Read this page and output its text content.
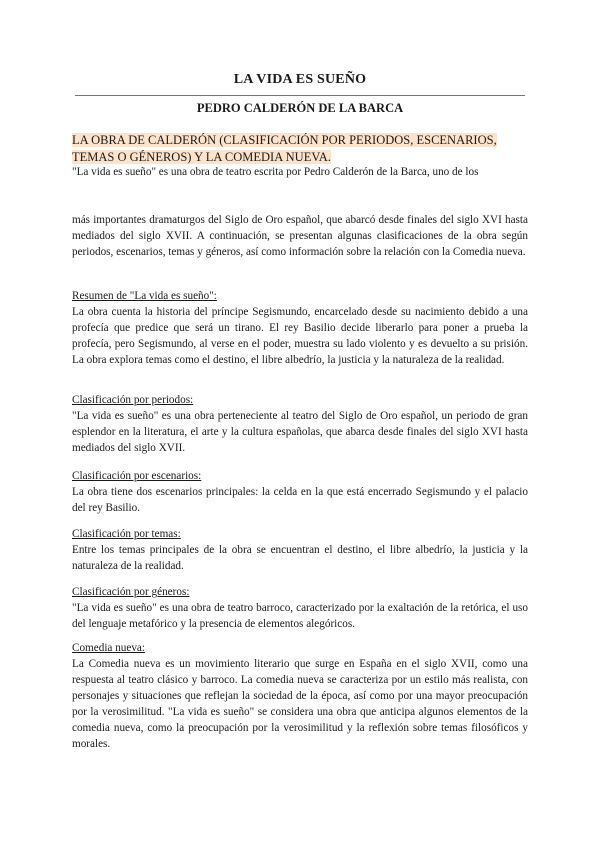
LA VIDA ES SUEÑO
PEDRO CALDERÓN DE LA BARCA
LA OBRA DE CALDERÓN (CLASIFICACIÓN POR PERIODOS, ESCENARIOS, TEMAS O GÉNEROS) Y LA COMEDIA NUEVA.
"La vida es sueño" es una obra de teatro escrita por Pedro Calderón de la Barca, uno de los
más importantes dramaturgos del Siglo de Oro español, que abarcó desde finales del siglo XVI hasta mediados del siglo XVII. A continuación, se presentan algunas clasificaciones de la obra según periodos, escenarios, temas y géneros, así como información sobre la relación con la Comedia nueva.
Resumen de "La vida es sueño":
La obra cuenta la historia del príncipe Segismundo, encarcelado desde su nacimiento debido a una profecía que predice que será un tirano. El rey Basilio decide liberarlo para poner a prueba la profecía, pero Segismundo, al verse en el poder, muestra su lado violento y es devuelto a su prisión. La obra explora temas como el destino, el libre albedrío, la justicia y la naturaleza de la realidad.
Clasificación por periodos:
"La vida es sueño" es una obra perteneciente al teatro del Siglo de Oro español, un periodo de gran esplendor en la literatura, el arte y la cultura españolas, que abarca desde finales del siglo XVI hasta mediados del siglo XVII.
Clasificación por escenarios:
La obra tiene dos escenarios principales: la celda en la que está encerrado Segismundo y el palacio del rey Basilio.
Clasificación por temas:
Entre los temas principales de la obra se encuentran el destino, el libre albedrío, la justicia y la naturaleza de la realidad.
Clasificación por géneros:
"La vida es sueño" es una obra de teatro barroco, caracterizado por la exaltación de la retórica, el uso del lenguaje metafórico y la presencia de elementos alegóricos.
Comedia nueva:
La Comedia nueva es un movimiento literario que surge en España en el siglo XVII, como una respuesta al teatro clásico y barroco. La comedia nueva se caracteriza por un estilo más realista, con personajes y situaciones que reflejan la sociedad de la época, así como por una mayor preocupación por la verosimilitud. "La vida es sueño" se considera una obra que anticipa algunos elementos de la comedia nueva, como la preocupación por la verosimilitud y la reflexión sobre temas filosóficos y morales.
